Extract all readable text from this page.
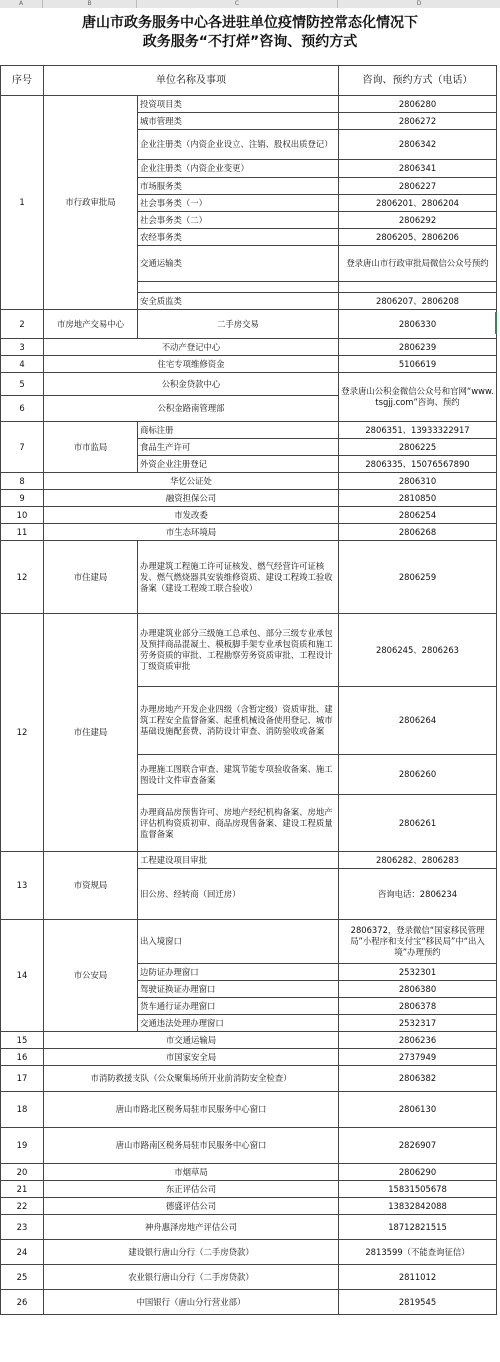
A	B	C	D
唐山市政务服务中心各进驻单位疫情防控常态化情况下
政务服务“不打烊”咨询、预约方式
序号	单位名称及事项		咨询、预约方式（电话）
1	市行政审批局	投资项目类	2806280
		城市管理类	2806272
		企业注册类（内资企业设立、注销、股权出质登记）	2806342
		企业注册类（内资企业变更）	2806341
		市场服务类	2806227
		社会事务类（一）	2806201、2806204
		社会事务类（二）	2806292
		农经事务类	2806205、2806206
		交通运输类	登录唐山市行政审批局微信公众号预约

		安全质监类	2806207、2806208
2	市房地产交易中心	二手房交易	2806330
3	不动产登记中心		2806239
4	住宅专项维修资金		5106619
5	公积金贷款中心		登录唐山公积金微信公众号和官网“www.tsgjj.com”咨询、预约
6	公积金路南管理部		
7	市市监局	商标注册	2806351、13933322917
		食品生产许可	2806225
		外资企业注册登记	2806335、15076567890
8	华忆公证处		2806310
9	融资担保公司		2810850
10	市发改委		2806254
11	市生态环境局		2806268
12	市住建局	办理建筑工程施工许可证核发、燃气经营许可证核发、燃气燃烧器具安装维修资质、建设工程竣工验收备案（建设工程竣工联合验收）	2806259
12	市住建局	办理建筑业部分三级施工总承包、部分三级专业承包及预拌商品混凝土、模板脚手架专业承包资质和施工劳务资质的审批、工程勘察劳务资质审批、工程设计丁级资质审批	2806245、2806263
		办理房地产开发企业四级（含暂定级）资质审批、建筑工程安全监督备案、起重机械设备使用登记、城市基础设施配套费、消防设计审查、消防验收或备案	2806264
		办理施工图联合审查、建筑节能专项验收备案、施工图设计文件审查备案	2806260
		办理商品房预售许可、房地产经纪机构备案、房地产评估机构资质初审、商品房现售备案、建设工程质量监督备案	2806261
13	市资规局	工程建设项目审批	2806282、2806283
		旧公房、经转商（回迁房）	咨询电话：2806234
14	市公安局	出入境窗口	2806372，登录微信“国家移民管理局”小程序和支付宝“移民局”中“出入境”办理预约
		边防证办理窗口	2532301
		驾驶证换证办理窗口	2806380
		货车通行证办理窗口	2806378
		交通违法处理办理窗口	2532317
15	市交通运输局		2806236
16	市国家安全局		2737949
17	市消防救援支队（公众聚集场所开业前消防安全检查）		2806382
18	唐山市路北区税务局驻市民服务中心窗口		2806130
19	唐山市路南区税务局驻市民服务中心窗口		2826907
20	市烟草局		2806290
21	东正评估公司		15831505678
22	德盛评估公司		13832842088
23	神舟惠泽房地产评估公司		18712821515
24	建设银行唐山分行（二手房贷款）		2813599（不能查询征信）
25	农业银行唐山分行（二手房贷款）		2811012
26	中国银行（唐山分行营业部）		2819545
